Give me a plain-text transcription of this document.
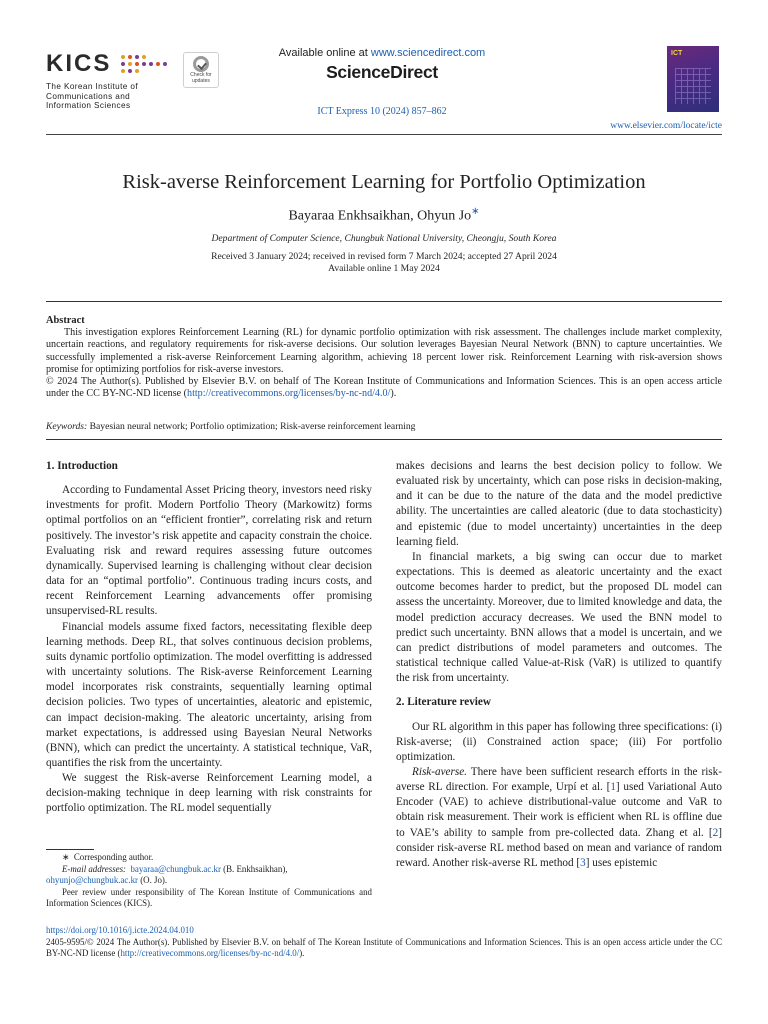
KICS
The Korean Institute of
Communications and
Information Sciences
Check for
updates
Available online at www.sciencedirect.com
ScienceDirect
ICT Express 10 (2024) 857–862
ICT
www.elsevier.com/locate/icte
Risk-averse Reinforcement Learning for Portfolio Optimization
Bayaraa Enkhsaikhan, Ohyun Jo∗
Department of Computer Science, Chungbuk National University, Cheongju, South Korea
Received 3 January 2024; received in revised form 7 March 2024; accepted 27 April 2024
Available online 1 May 2024
Abstract

This investigation explores Reinforcement Learning (RL) for dynamic portfolio optimization with risk assessment. The challenges include market complexity, uncertain reactions, and regulatory requirements for risk-averse decisions. Our solution leverages Bayesian Neural Network (BNN) to capture uncertainties. We successfully implemented a risk-averse Reinforcement Learning algorithm, achieving 18 percent lower risk. Reinforcement Learning with risk-aversion shows promise for optimizing portfolios for risk-averse investors.

© 2024 The Author(s). Published by Elsevier B.V. on behalf of The Korean Institute of Communications and Information Sciences. This is an open access article under the CC BY-NC-ND license (http://creativecommons.org/licenses/by-nc-nd/4.0/).

Keywords: Bayesian neural network; Portfolio optimization; Risk-averse reinforcement learning
1. Introduction

According to Fundamental Asset Pricing theory, investors need risky investments for profit. Modern Portfolio Theory (Markowitz) forms optimal portfolios on an “efficient frontier”, correlating risk and return positively. The investor’s risk appetite and capacity constrain the choice. Evaluating risk and reward requires assessing future outcomes dynamically. Supervised learning is challenging without clear decision data for an “optimal portfolio”. Continuous trading incurs costs, and recent Reinforcement Learning advancements offer promising unsupervised-RL results.

Financial models assume fixed factors, necessitating flexible deep learning methods. Deep RL, that solves continuous decision problems, suits dynamic portfolio optimization. The model overfitting is addressed with uncertainty solutions. The Risk-averse Reinforcement Learning model incorporates risk constraints, sequentially learning optimal decision policies. Two types of uncertainties, aleatoric and epistemic, can impact decision-making. The aleatoric uncertainty, arising from market expectations, is addressed using Bayesian Neural Networks (BNN), which can predict the uncertainty. A statistical technique, VaR, quantifies the risk from the uncertainty.

We suggest the Risk-averse Reinforcement Learning model, a decision-making technique in deep learning with risk constraints for portfolio optimization. The RL model sequentially

makes decisions and learns the best decision policy to follow. We evaluated risk by uncertainty, which can pose risks in decision-making, and it can be due to the nature of the data and the model predictive ability. The uncertainties are called aleatoric (due to data stochasticity) and epistemic (due to model uncertainty) uncertainties in the deep learning field.

In financial markets, a big swing can occur due to market expectations. This is deemed as aleatoric uncertainty and the exact outcome becomes harder to predict, but the proposed DL model can assess the uncertainty. Moreover, due to limited knowledge and data, the model prediction accuracy decreases. We used the BNN model to predict such uncertainty. BNN allows that a model is uncertain, and we can predict distributions of model parameters and outcomes. The statistical technique called Value-at-Risk (VaR) is utilized to quantify the risk from uncertainty.

2. Literature review

Our RL algorithm in this paper has following three specifications: (i) Risk-averse; (ii) Constrained action space; (iii) For portfolio optimization.

Risk-averse. There have been sufficient research efforts in the risk-averse RL direction. For example, Urpí et al. [1] used Variational Auto Encoder (VAE) to achieve distributional-value outcome and VaR to obtain risk measurement. Their work is efficient when RL is offline due to VAE’s ability to sample from pre-collected data. Zhang et al. [2] consider risk-averse RL method based on mean and variance of random reward. Another risk-averse RL method [3] uses epistemic

∗ Corresponding author.
E-mail addresses: bayaraa@chungbuk.ac.kr (B. Enkhsaikhan),
ohyunjo@chungbuk.ac.kr (O. Jo).
Peer review under responsibility of The Korean Institute of Communications and Information Sciences (KICS).
https://doi.org/10.1016/j.icte.2024.04.010
2405-9595/© 2024 The Author(s). Published by Elsevier B.V. on behalf of The Korean Institute of Communications and Information Sciences. This is an open access article under the CC BY-NC-ND license (http://creativecommons.org/licenses/by-nc-nd/4.0/).
